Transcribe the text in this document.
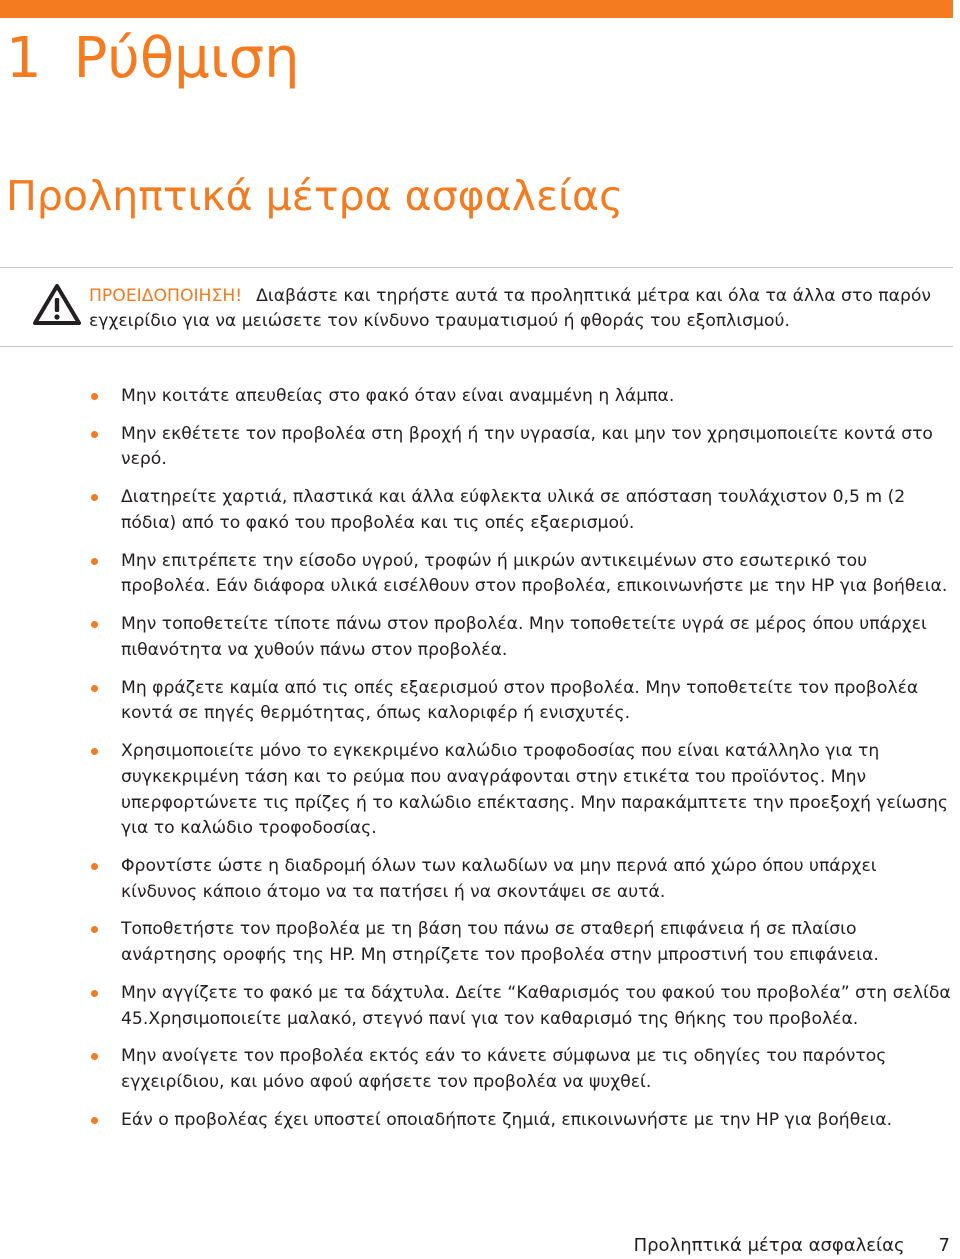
1 Ρύθμιση
Προληπτικά μέτρα ασφαλείας

ΠΡΟΕΙΔΟΠΟΙΗΣΗ! Διαβάστε και τηρήστε αυτά τα προληπτικά μέτρα και όλα τα άλλα στο παρόν εγχειρίδιο για να μειώσετε τον κίνδυνο τραυματισμού ή φθοράς του εξοπλισμού.

Μην κοιτάτε απευθείας στο φακό όταν είναι αναμμένη η λάμπα.
Μην εκθέτετε τον προβολέα στη βροχή ή την υγρασία, και μην τον χρησιμοποιείτε κοντά στο νερό.
Διατηρείτε χαρτιά, πλαστικά και άλλα εύφλεκτα υλικά σε απόσταση τουλάχιστον 0,5 m (2 πόδια) από το φακό του προβολέα και τις οπές εξαερισμού.
Μην επιτρέπετε την είσοδο υγρού, τροφών ή μικρών αντικειμένων στο εσωτερικό του προβολέα. Εάν διάφορα υλικά εισέλθουν στον προβολέα, επικοινωνήστε με την HP για βοήθεια.
Μην τοποθετείτε τίποτε πάνω στον προβολέα. Μην τοποθετείτε υγρά σε μέρος όπου υπάρχει πιθανότητα να χυθούν πάνω στον προβολέα.
Μη φράζετε καμία από τις οπές εξαερισμού στον προβολέα. Μην τοποθετείτε τον προβολέα κοντά σε πηγές θερμότητας, όπως καλοριφέρ ή ενισχυτές.
Χρησιμοποιείτε μόνο το εγκεκριμένο καλώδιο τροφοδοσίας που είναι κατάλληλο για τη συγκεκριμένη τάση και το ρεύμα που αναγράφονται στην ετικέτα του προϊόντος. Μην υπερφορτώνετε τις πρίζες ή το καλώδιο επέκτασης. Μην παρακάμπτετε την προεξοχή γείωσης για το καλώδιο τροφοδοσίας.
Φροντίστε ώστε η διαδρομή όλων των καλωδίων να μην περνά από χώρο όπου υπάρχει κίνδυνος κάποιο άτομο να τα πατήσει ή να σκοντάψει σε αυτά.
Τοποθετήστε τον προβολέα με τη βάση του πάνω σε σταθερή επιφάνεια ή σε πλαίσιο ανάρτησης οροφής της HP. Μη στηρίζετε τον προβολέα στην μπροστινή του επιφάνεια.
Μην αγγίζετε το φακό με τα δάχτυλα. Δείτε “Καθαρισμός του φακού του προβολέα” στη σελίδα 45.Χρησιμοποιείτε μαλακό, στεγνό πανί για τον καθαρισμό της θήκης του προβολέα.
Μην ανοίγετε τον προβολέα εκτός εάν το κάνετε σύμφωνα με τις οδηγίες του παρόντος εγχειρίδιου, και μόνο αφού αφήσετε τον προβολέα να ψυχθεί.
Εάν ο προβολέας έχει υποστεί οποιαδήποτε ζημιά, επικοινωνήστε με την HP για βοήθεια.
Προληπτικά μέτρα ασφαλείας 7
